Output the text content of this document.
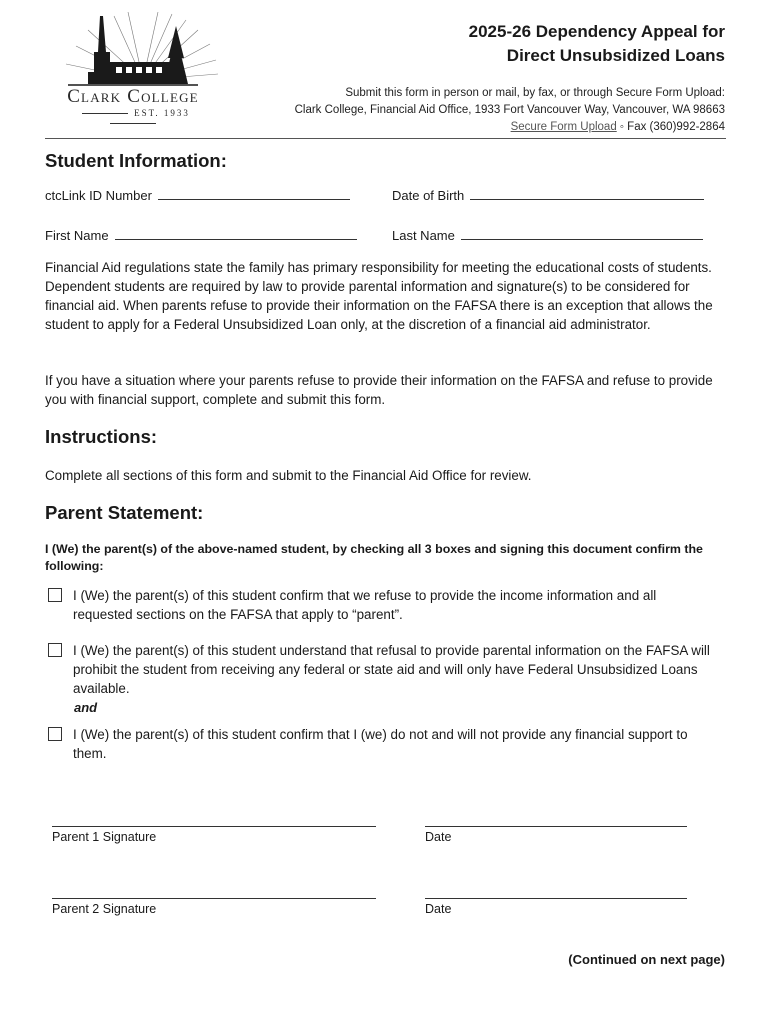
Clark College
EST. 1933
2025-26 Dependency Appeal for
Direct Unsubsidized Loans
Submit this form in person or mail, by fax, or through Secure Form Upload:
Clark College, Financial Aid Office, 1933 Fort Vancouver Way, Vancouver, WA 98663
Secure Form Upload ◦ Fax (360)992-2864
Student Information:
ctcLink ID Number	Date of Birth
First Name	Last Name
Financial Aid regulations state the family has primary responsibility for meeting the educational costs of students. Dependent students are required by law to provide parental information and signature(s) to be considered for financial aid. When parents refuse to provide their information on the FAFSA there is an exception that allows the student to apply for a Federal Unsubsidized Loan only, at the discretion of a financial aid administrator.
If you have a situation where your parents refuse to provide their information on the FAFSA and refuse to provide you with financial support, complete and submit this form.
Instructions:
Complete all sections of this form and submit to the Financial Aid Office for review.
Parent Statement:
I (We) the parent(s) of the above-named student, by checking all 3 boxes and signing this document confirm the following:
I (We) the parent(s) of this student confirm that we refuse to provide the income information and all requested sections on the FAFSA that apply to “parent”.
I (We) the parent(s) of this student understand that refusal to provide parental information on the FAFSA will prohibit the student from receiving any federal or state aid and will only have Federal Unsubsidized Loans available.
and
I (We) the parent(s) of this student confirm that I (we) do not and will not provide any financial support to them.
Parent 1 Signature	Date
Parent 2 Signature	Date
(Continued on next page)
